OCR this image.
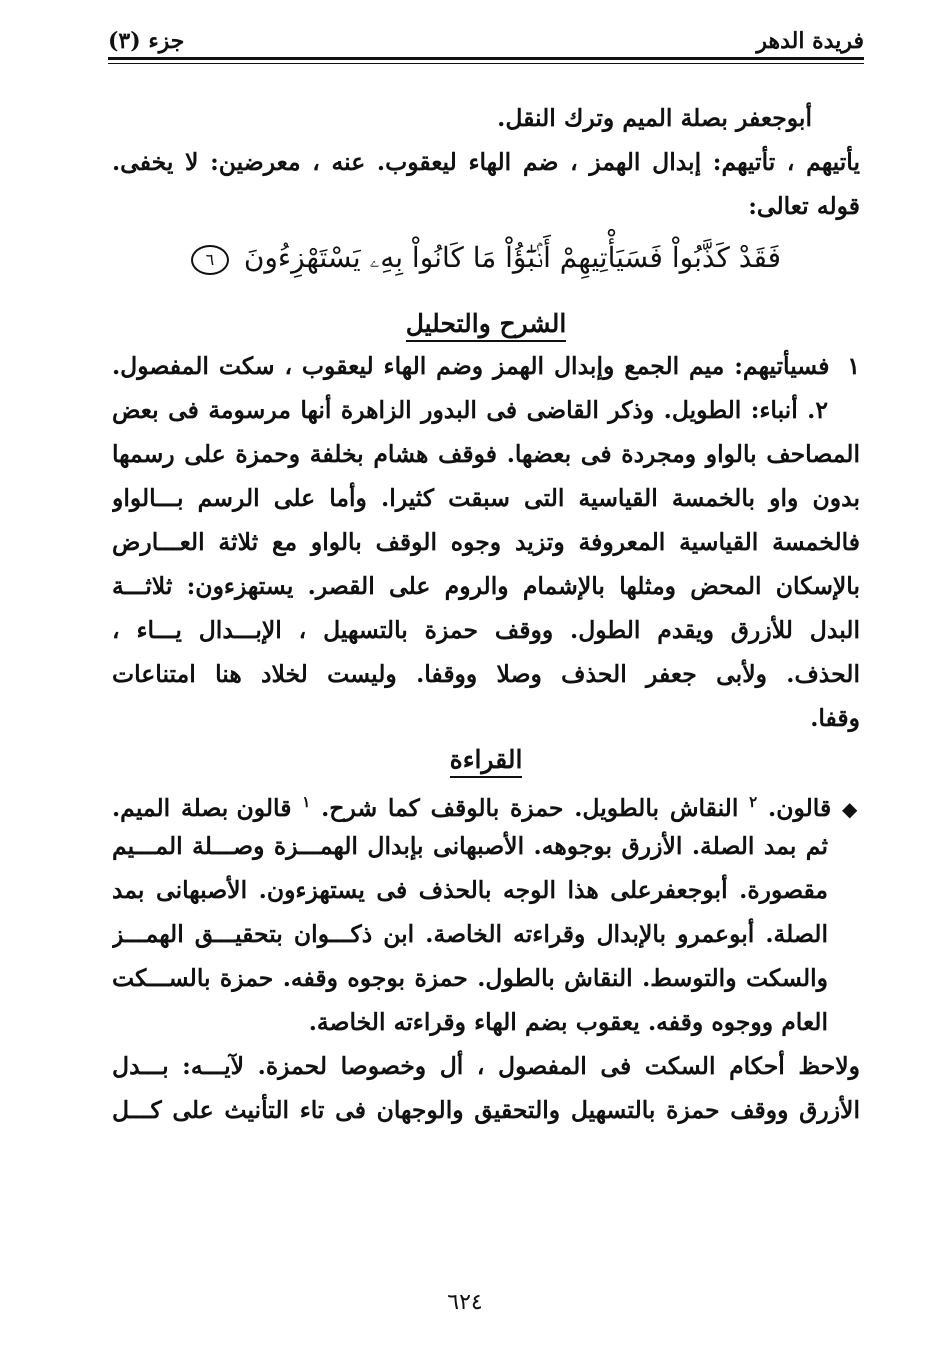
فريدة الدهر
جزء (٣)
أبوجعفر بصلة الميم وترك النقل.
يأتيهم ، تأتيهم: إبدال الهمز ، ضم الهاء ليعقوب. عنه ، معرضين: لا يخفى.
قوله تعالى:
فَقَدْ كَذَّبُواْ فَسَيَأْتِيهِمْ أَنۢبَٰٓؤُاْ مَا كَانُواْ بِهِۦ يَسْتَهْزِءُونَ ٦
الشرح والتحليل
١ فسيأتيهم: ميم الجمع وإبدال الهمز وضم الهاء ليعقوب ، سكت المفصول.
٢. أنباء: الطويل. وذكر القاضى فى البدور الزاهرة أنها مرسومة فى بعض
المصاحف بالواو ومجردة فى بعضها. فوقف هشام بخلفة وحمزة على رسمها
بدون واو بالخمسة القياسية التى سبقت كثيرا. وأما على الرسم بـــالواو
فالخمسة القياسية المعروفة وتزيد وجوه الوقف بالواو مع ثلاثة العـــارض
بالإسكان المحض ومثلها بالإشمام والروم على القصر. يستهزءون: ثلاثـــة
البدل للأزرق ويقدم الطول. ووقف حمزة بالتسهيل ، الإبـــدال يـــاء ،
الحذف. ولأبى جعفر الحذف وصلا ووقفا. وليست لخلاد هنا امتناعات
وقفا.
القراءة
◆ قالون. $^٢$ النقاش بالطويل. حمزة بالوقف كما شرح. $^١$ قالون بصلة الميم.
ثم بمد الصلة. الأزرق بوجوهه. الأصبهانى بإبدال الهمـــزة وصـــلة المـــيم
مقصورة. أبوجعفرعلى هذا الوجه بالحذف فى يستهزءون. الأصبهانى بمد
الصلة. أبوعمرو بالإبدال وقراءته الخاصة. ابن ذكـــوان بتحقيـــق الهمـــز
والسكت والتوسط. النقاش بالطول. حمزة بوجوه وقفه. حمزة بالســـكت
العام ووجوه وقفه. يعقوب بضم الهاء وقراءته الخاصة.
ولاحظ أحكام السكت فى المفصول ، أل وخصوصا لحمزة. لآيـــه: بـــدل
الأزرق ووقف حمزة بالتسهيل والتحقيق والوجهان فى تاء التأنيث على كـــل
٦٢٤
